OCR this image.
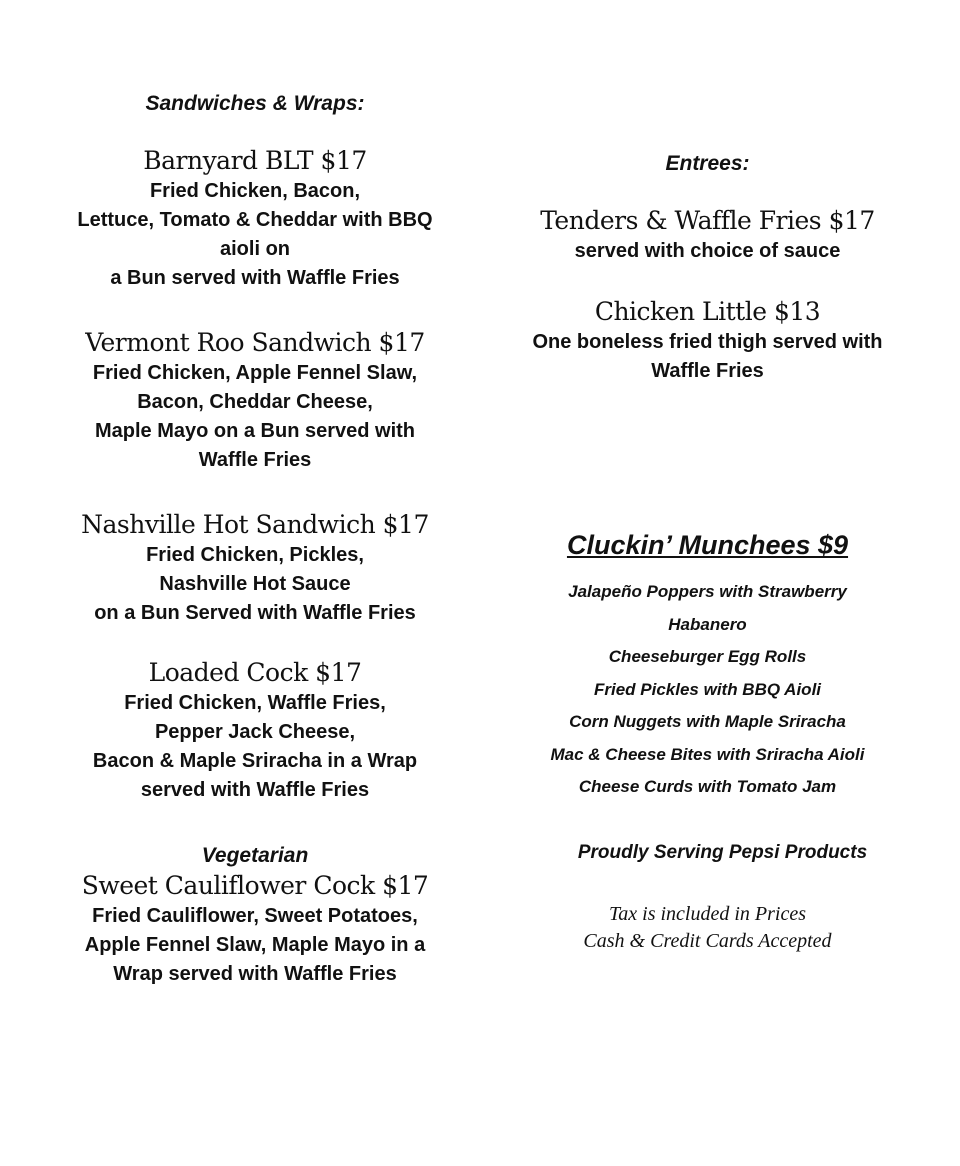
Sandwiches & Wraps:

Barnyard BLT $17

Fried Chicken, Bacon,
Lettuce, Tomato & Cheddar with BBQ
aioli on
a Bun served with Waffle Fries

Vermont Roo Sandwich $17

Fried Chicken, Apple Fennel Slaw,
Bacon, Cheddar Cheese,
Maple Mayo on a Bun served with
Waffle Fries

Nashville Hot Sandwich $17

Fried Chicken, Pickles,
Nashville Hot Sauce
on a Bun Served with Waffle Fries

Loaded Cock $17

Fried Chicken, Waffle Fries,
Pepper Jack Cheese,
Bacon & Maple Sriracha in a Wrap
served with Waffle Fries

Vegetarian

Sweet Cauliflower Cock $17

Fried Cauliflower, Sweet Potatoes,
Apple Fennel Slaw, Maple Mayo in a
Wrap served with Waffle Fries

Entrees:

Tenders & Waffle Fries $17

served with choice of sauce

Chicken Little $13

One boneless fried thigh served with
Waffle Fries

Cluckin’ Munchees $9

Jalapeño Poppers with Strawberry
Habanero
Cheeseburger Egg Rolls
Fried Pickles with BBQ Aioli
Corn Nuggets with Maple Sriracha
Mac & Cheese Bites with Sriracha Aioli
Cheese Curds with Tomato Jam

Proudly Serving Pepsi Products

Tax is included in Prices

Cash & Credit Cards Accepted
